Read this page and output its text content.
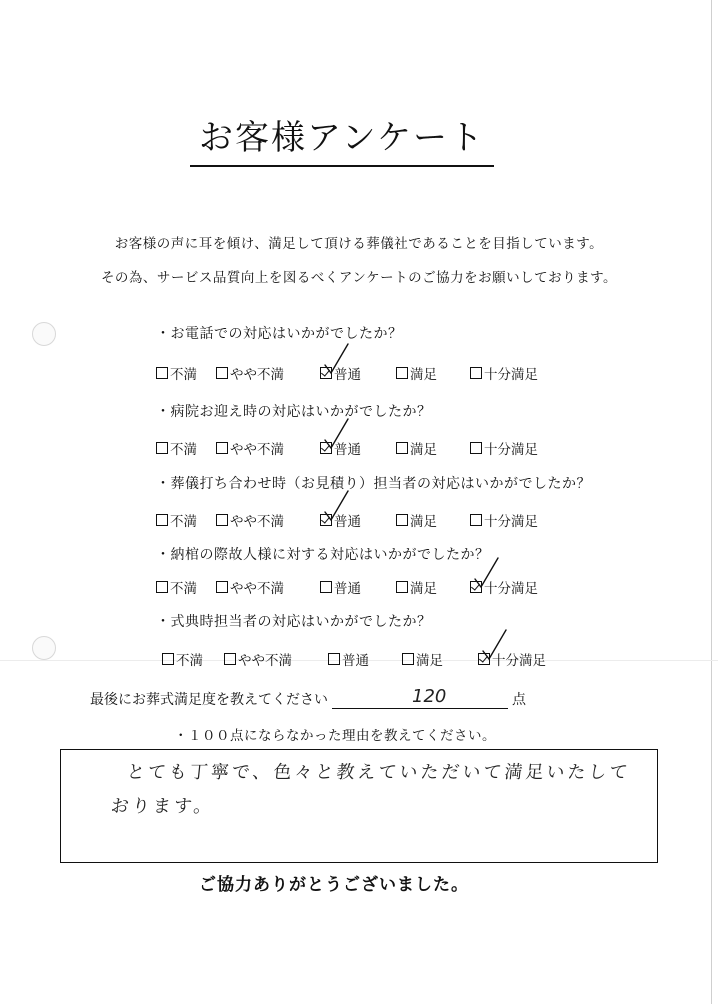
お客様アンケート
お客様の声に耳を傾け、満足して頂ける葬儀社であることを目指しています。
その為、サービス品質向上を図るべくアンケートのご協力をお願いしております。
・お電話での対応はいかがでしたか？
不満 やや不満	普通	満足	十分満足
・病院お迎え時の対応はいかがでしたか？
不満 やや不満	普通	満足	十分満足
・葬儀打ち合わせ時（お見積り）担当者の対応はいかがでしたか？
不満 やや不満	普通	満足	十分満足
・納棺の際故人様に対する対応はいかがでしたか？
不満 やや不満	普通	満足	十分満足
・式典時担当者の対応はいかがでしたか？
不満	やや不満	普通	満足	十分満足
最後にお葬式満足度を教えてください	120	点
・１００点にならなかった理由を教えてください。
とても丁寧で、色々と教えていただいて満足いたして
おります。
ご協力ありがとうございました。
